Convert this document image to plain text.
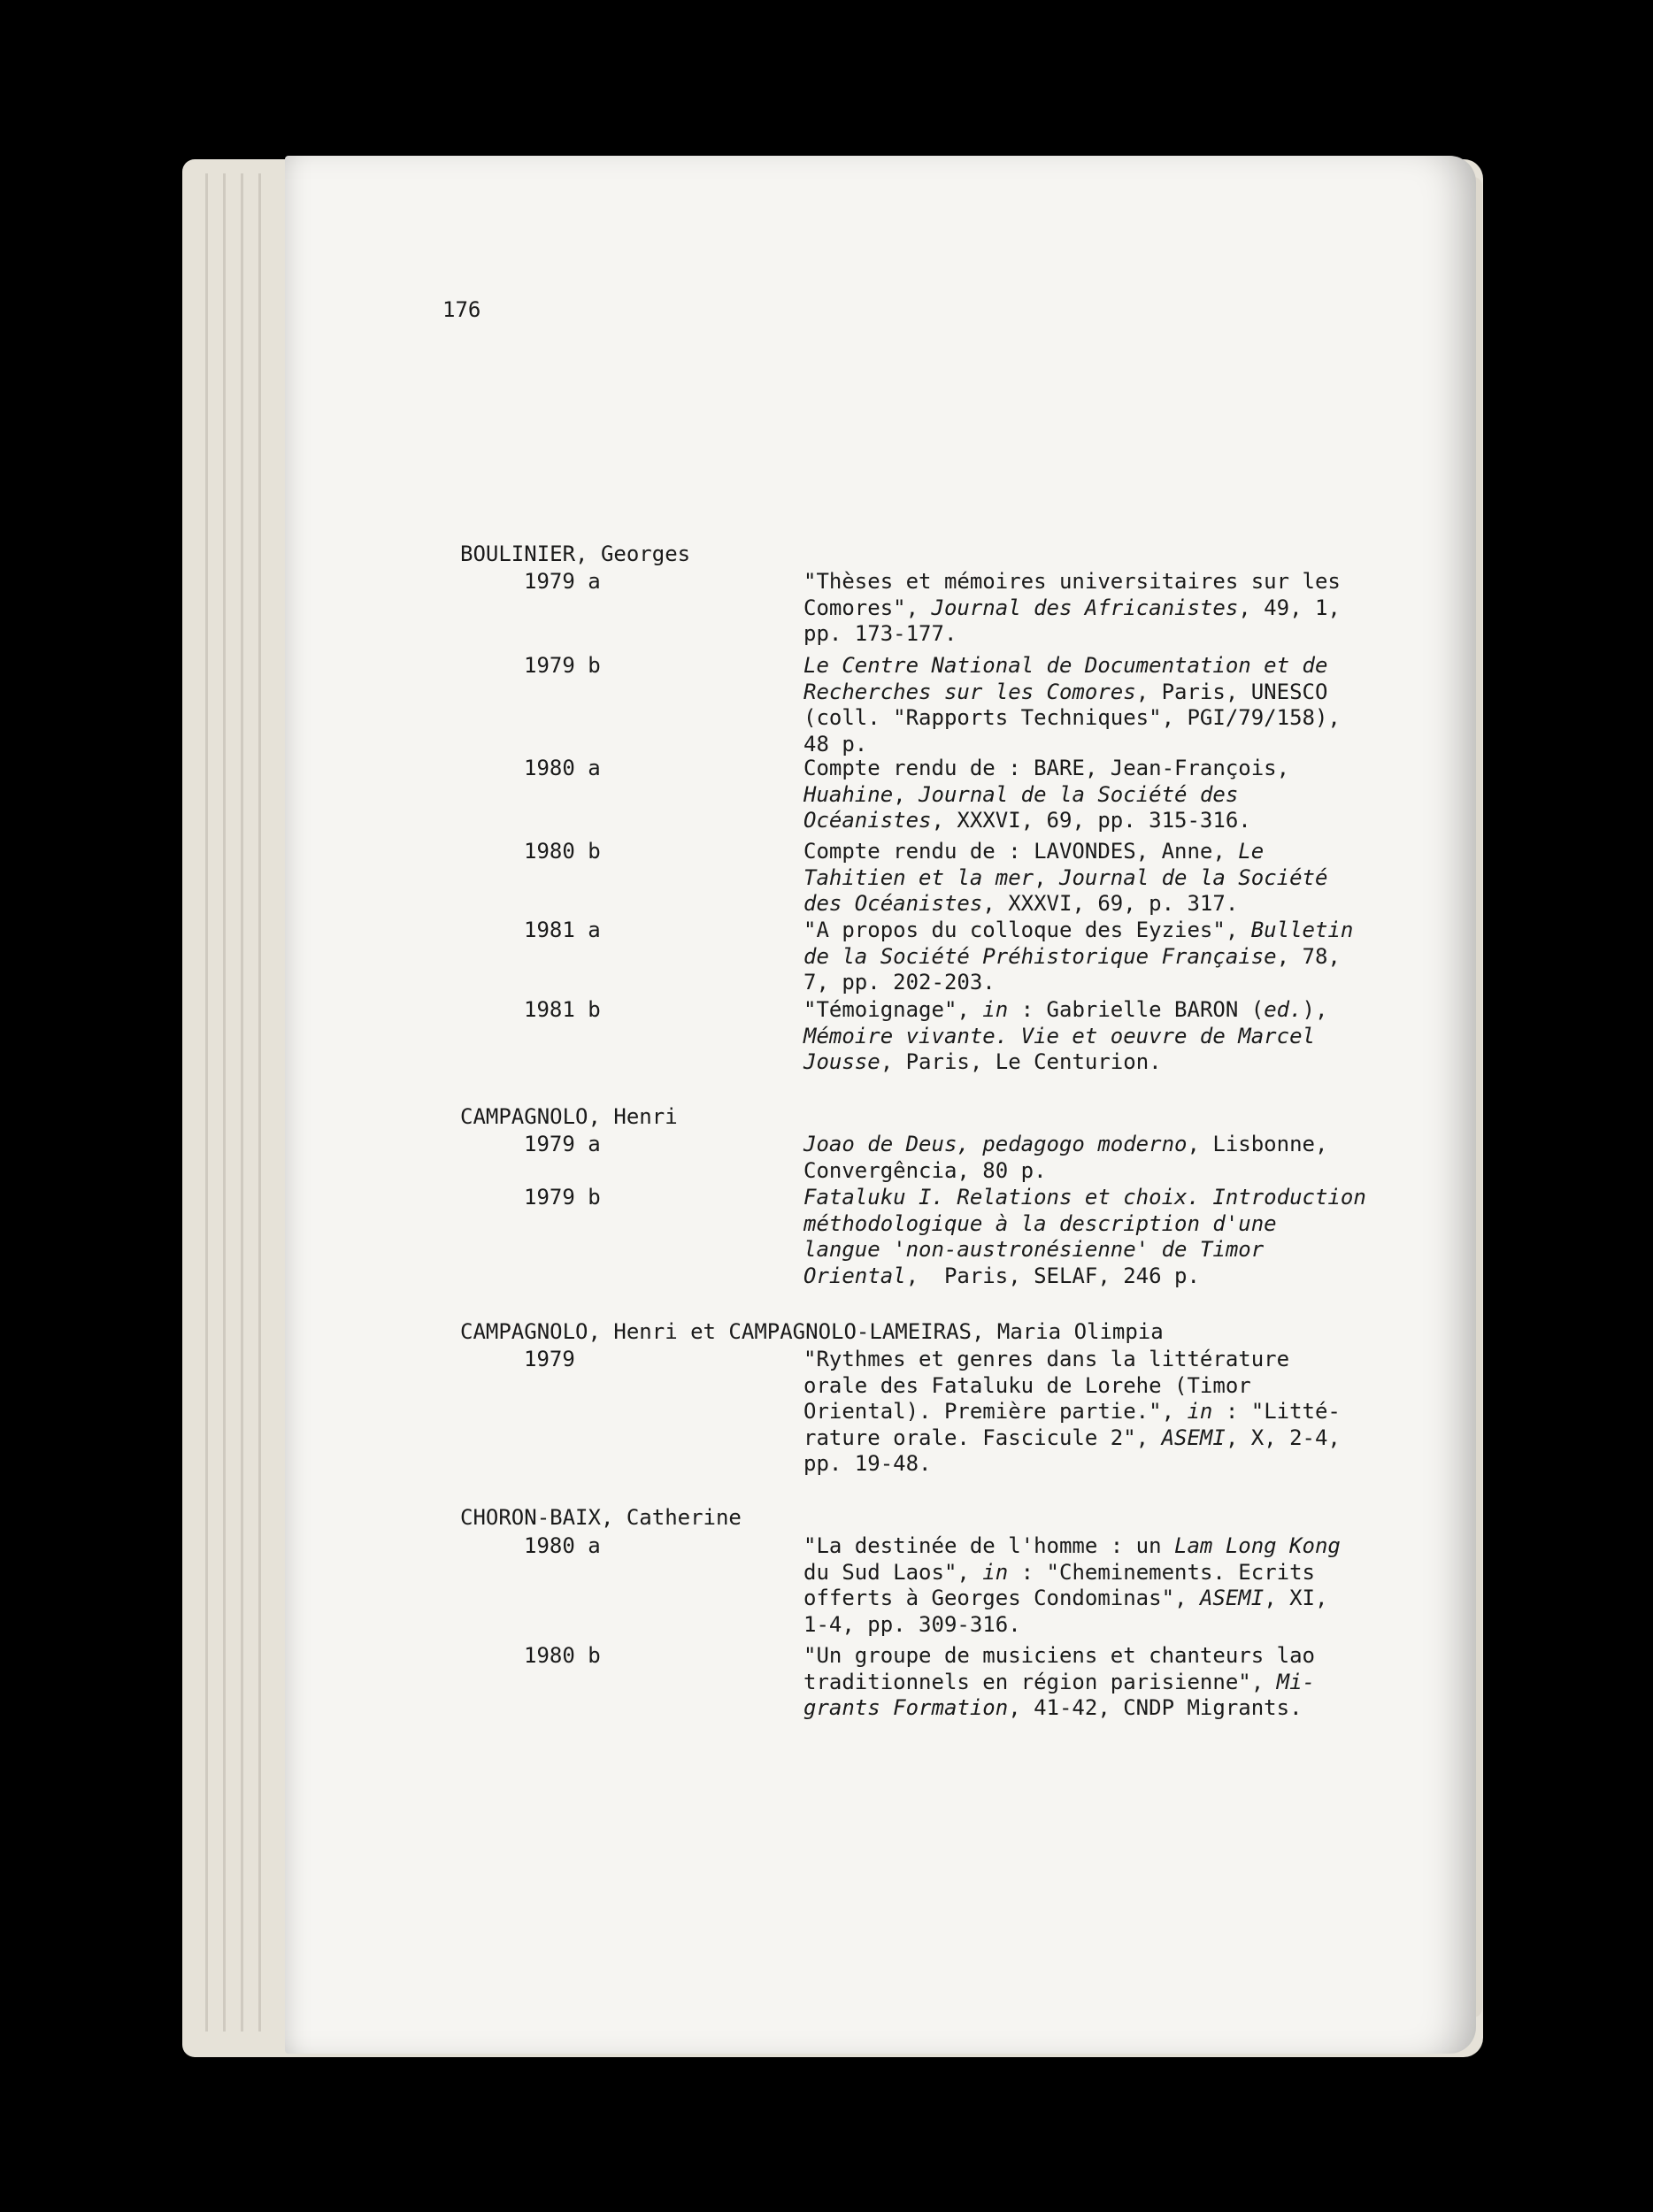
176
BOULINIER, Georges
1979 a	"Thèses et mémoires universitaires sur les
Comores", Journal des Africanistes, 49, 1,
pp. 173-177.
1979 b	Le Centre National de Documentation et de
Recherches sur les Comores, Paris, UNESCO
(coll. "Rapports Techniques", PGI/79/158),
48 p.
1980 a	Compte rendu de : BARE, Jean-François,
Huahine, Journal de la Société des
Océanistes, XXXVI, 69, pp. 315-316.
1980 b	Compte rendu de : LAVONDES, Anne, Le
Tahitien et la mer, Journal de la Société
des Océanistes, XXXVI, 69, p. 317.
1981 a	"A propos du colloque des Eyzies", Bulletin
de la Société Préhistorique Française, 78,
7, pp. 202-203.
1981 b	"Témoignage", in : Gabrielle BARON (ed.),
Mémoire vivante. Vie et oeuvre de Marcel
Jousse, Paris, Le Centurion.
CAMPAGNOLO, Henri
1979 a	Joao de Deus, pedagogo moderno, Lisbonne,
Convergência, 80 p.
1979 b	Fataluku I. Relations et choix. Introduction
méthodologique à la description d'une
langue 'non-austronésienne' de Timor
Oriental,  Paris, SELAF, 246 p.
CAMPAGNOLO, Henri et CAMPAGNOLO-LAMEIRAS, Maria Olimpia
1979	"Rythmes et genres dans la littérature
orale des Fataluku de Lorehe (Timor
Oriental). Première partie.", in : "Litté-
rature orale. Fascicule 2", ASEMI, X, 2-4,
pp. 19-48.
CHORON-BAIX, Catherine
1980 a	"La destinée de l'homme : un Lam Long Kong
du Sud Laos", in : "Cheminements. Ecrits
offerts à Georges Condominas", ASEMI, XI,
1-4, pp. 309-316.
1980 b	"Un groupe de musiciens et chanteurs lao
traditionnels en région parisienne", Mi-
grants Formation, 41-42, CNDP Migrants.
